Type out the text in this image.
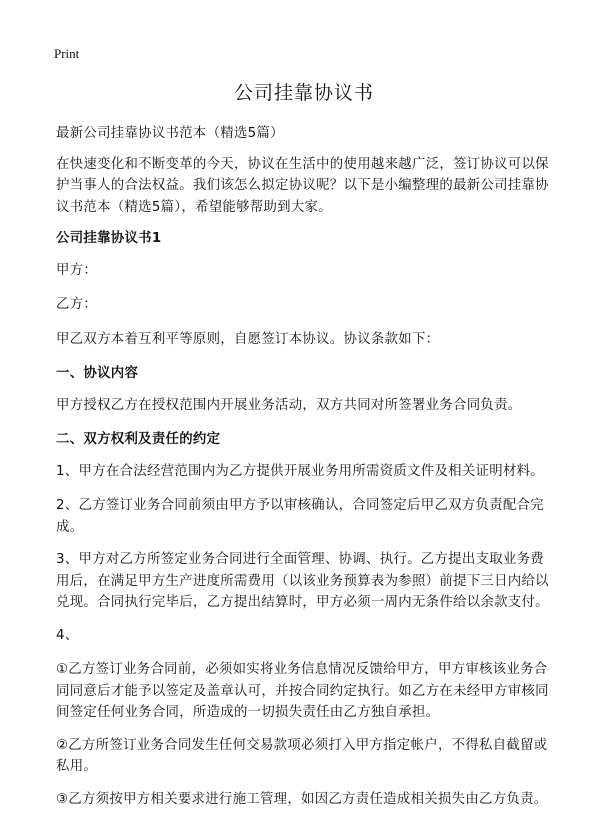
Print
公司挂靠协议书

最新公司挂靠协议书范本（精选5篇）

在快速变化和不断变革的今天，协议在生活中的使用越来越广泛，签订协议可以保护当事人的合法权益。我们该怎么拟定协议呢？以下是小编整理的最新公司挂靠协议书范本（精选5篇），希望能够帮助到大家。

公司挂靠协议书1

甲方：

乙方：

甲乙双方本着互利平等原则，自愿签订本协议。协议条款如下：

一、协议内容

甲方授权乙方在授权范围内开展业务活动，双方共同对所签署业务合同负责。

二、双方权利及责任的约定

1、甲方在合法经营范围内为乙方提供开展业务用所需资质文件及相关证明材料。

2、乙方签订业务合同前须由甲方予以审核确认，合同签定后甲乙双方负责配合完成。

3、甲方对乙方所签定业务合同进行全面管理、协调、执行。乙方提出支取业务费用后，在满足甲方生产进度所需费用（以该业务预算表为参照）前提下三日内给以兑现。合同执行完毕后，乙方提出结算时，甲方必须一周内无条件给以余款支付。

4、

①乙方签订业务合同前，必须如实将业务信息情况反馈给甲方，甲方审核该业务合同同意后才能予以签定及盖章认可，并按合同约定执行。如乙方在未经甲方审核同间签定任何业务合同，所造成的一切损失责任由乙方独自承担。

②乙方所签订业务合同发生任何交易款项必须打入甲方指定帐户，不得私自截留或私用。

③乙方须按甲方相关要求进行施工管理，如因乙方责任造成相关损失由乙方负责。
